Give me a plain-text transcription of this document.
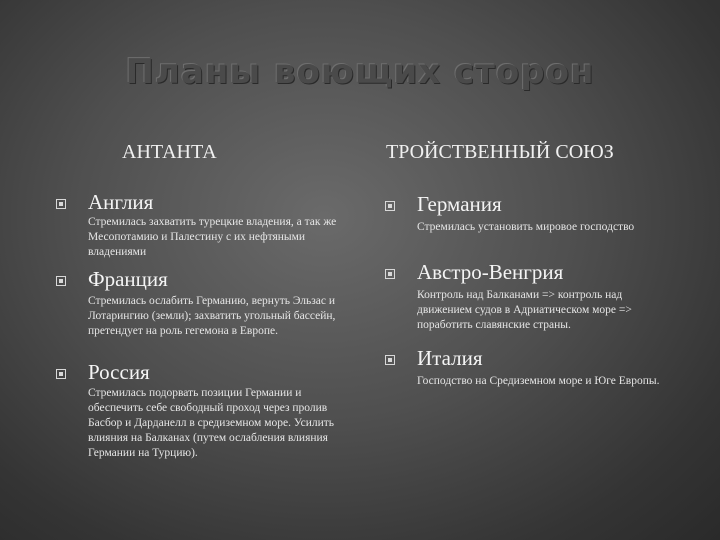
Планы воющих сторон
АНТАНТА	ТРОЙСТВЕННЫЙ СОЮЗ
Англия
Стремилась захватить турецкие владения, а так же Месопотамию и Палестину с их нефтяными владениями
Франция
Стремилась ослабить Германию, вернуть Эльзас и Лотарингию (земли); захватить угольный бассейн, претендует на роль гегемона в Европе.
Россия
Стремилась подорвать позиции Германии и обеспечить себе свободный проход через пролив Басбор и Дарданелл в средиземном море. Усилить влияния на Балканах (путем ослабления влияния Германии на Турцию).
Германия
Стремилась установить мировое господство
Австро-Венгрия
Контроль над Балканами => контроль над движением судов в Адриатическом море => поработить славянские страны.
Италия
Господство на Средиземном море и Юге Европы.
